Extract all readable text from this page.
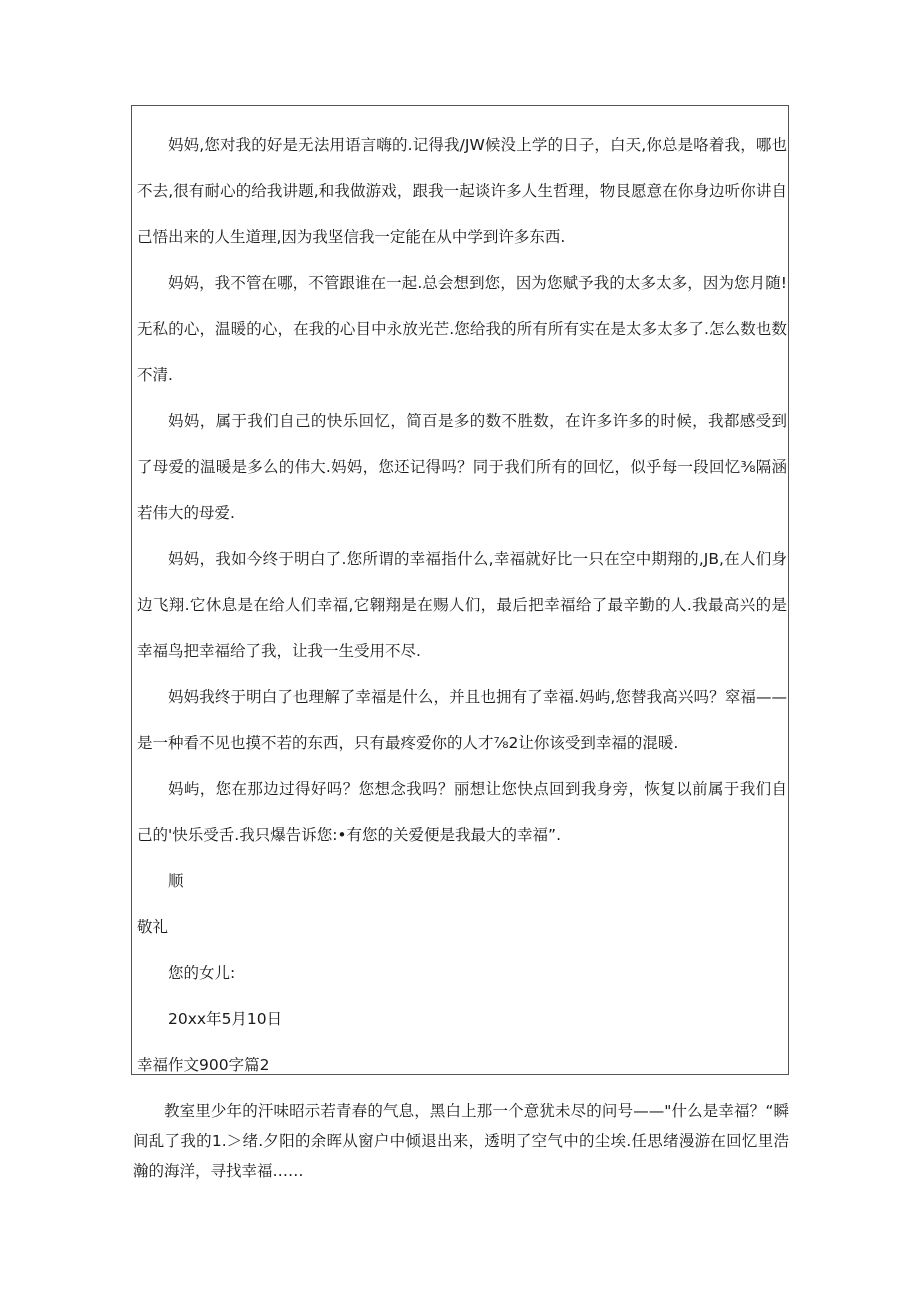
妈妈,您对我的好是无法用语言嗨的.记得我/JW候没上学的日子，白天,你总是咯着我，哪也不去,很有耐心的给我讲题,和我做游戏，跟我一起谈许多人生哲理，物艮愿意在你身边听你讲自己悟出来的人生道理,因为我坚信我一定能在从中学到许多东西.

妈妈，我不管在哪，不管跟谁在一起.总会想到您，因为您赋予我的太多太多，因为您月随!无私的心，温暖的心，在我的心目中永放光芒.您给我的所有所有实在是太多太多了.怎么数也数不清.

妈妈，属于我们自己的快乐回忆，简百是多的数不胜数，在许多许多的时候，我都感受到了母爱的温暖是多么的伟大.妈妈，您还记得吗？同于我们所有的回忆，似乎每一段回忆⅜隔涵若伟大的母爱.

妈妈，我如今终于明白了.您所谓的幸福指什么,幸福就好比一只在空中期翔的,JB,在人们身边飞翔.它休息是在给人们幸福,它翱翔是在赐人们，最后把幸福给了最辛勤的人.我最高兴的是幸福鸟把幸福给了我，让我一生受用不尽.

妈妈我终于明白了也理解了幸福是什么，并且也拥有了幸福.妈屿,您替我高兴吗？窣福——是一种看不见也摸不若的东西，只有最疼爱你的人才⅞2让你该受到幸福的混暖.

妈屿，您在那边过得好吗？您想念我吗？丽想让您快点回到我身旁，恢复以前属于我们自己的'快乐受舌.我只爆告诉您:•有您的关爱便是我最大的幸福”.

顺

敬礼

您的女儿:

20xx年5月10日

幸福作文900字篇2

教室里少年的汗味昭示若青春的气息，黑白上那一个意犹未尽的问号——"什么是幸福？“瞬间乱了我的1.＞绪.夕阳的余晖从窗户中倾退出来，透明了空气中的尘埃.任思绪漫游在回忆里浩瀚的海洋，寻找幸福……
